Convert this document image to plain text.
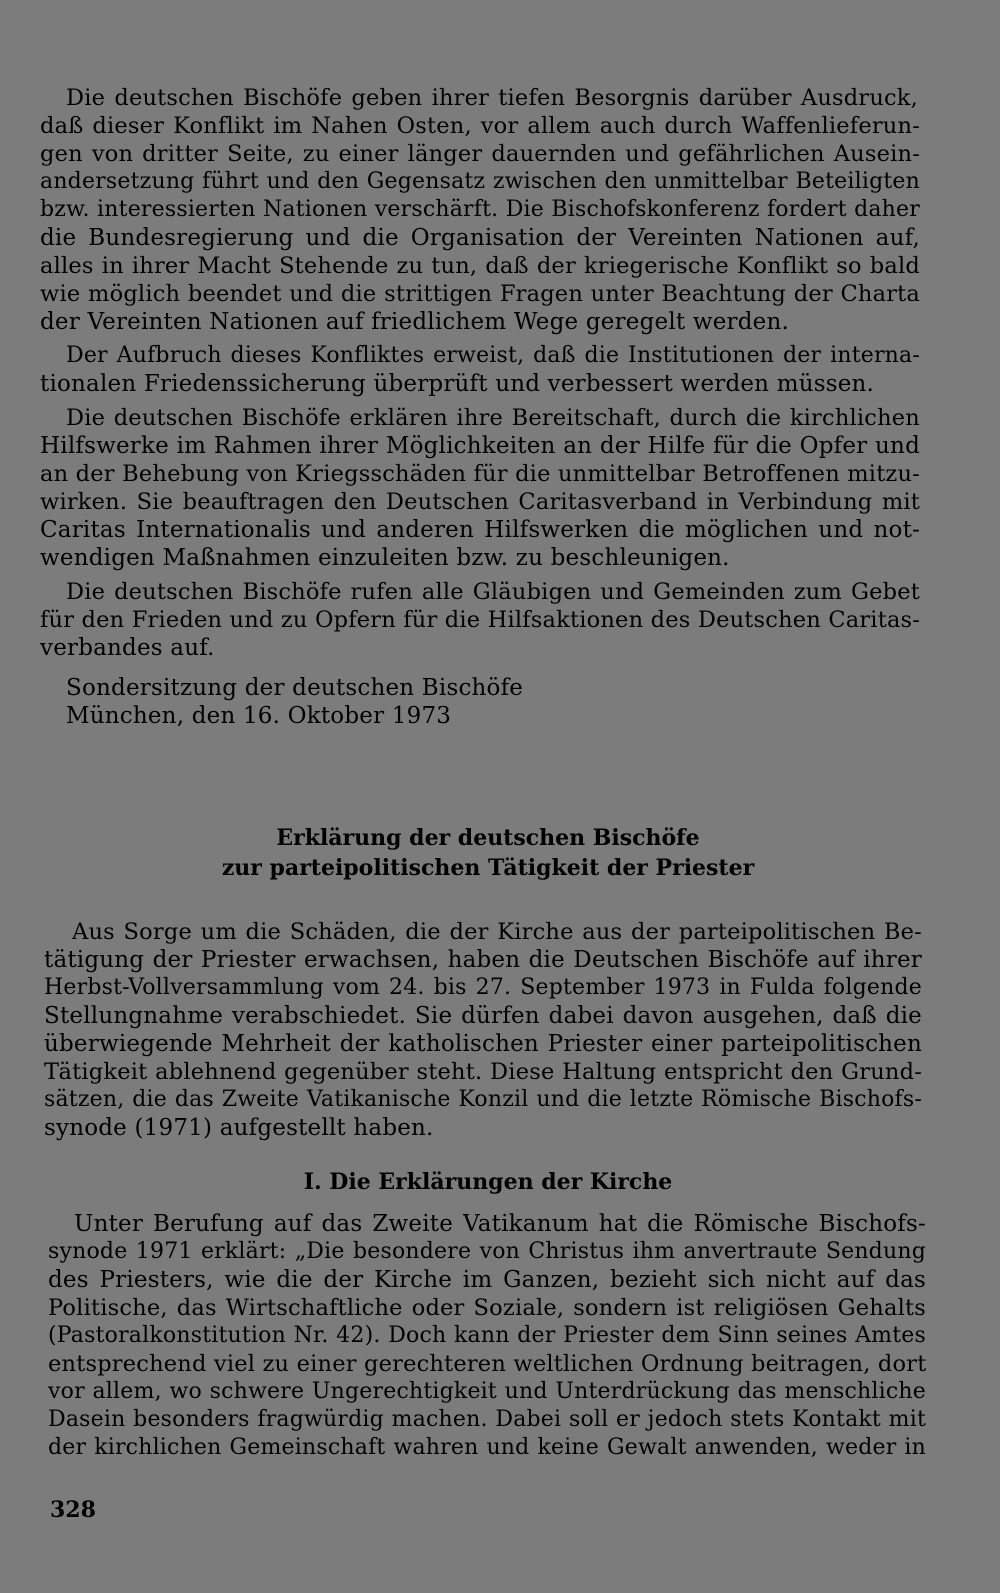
Die deutschen Bischöfe geben ihrer tiefen Besorgnis darüber Ausdruck,
daß dieser Konflikt im Nahen Osten, vor allem auch durch Waffenlieferun-
gen von dritter Seite, zu einer länger dauernden und gefährlichen Ausein-
andersetzung führt und den Gegensatz zwischen den unmittelbar Beteiligten
bzw. interessierten Nationen verschärft. Die Bischofskonferenz fordert daher
die Bundesregierung und die Organisation der Vereinten Nationen auf,
alles in ihrer Macht Stehende zu tun, daß der kriegerische Konflikt so bald
wie möglich beendet und die strittigen Fragen unter Beachtung der Charta
der Vereinten Nationen auf friedlichem Wege geregelt werden.
Der Aufbruch dieses Konfliktes erweist, daß die Institutionen der interna-
tionalen Friedenssicherung überprüft und verbessert werden müssen.
Die deutschen Bischöfe erklären ihre Bereitschaft, durch die kirchlichen
Hilfswerke im Rahmen ihrer Möglichkeiten an der Hilfe für die Opfer und
an der Behebung von Kriegsschäden für die unmittelbar Betroffenen mitzu-
wirken. Sie beauftragen den Deutschen Caritasverband in Verbindung mit
Caritas Internationalis und anderen Hilfswerken die möglichen und not-
wendigen Maßnahmen einzuleiten bzw. zu beschleunigen.
Die deutschen Bischöfe rufen alle Gläubigen und Gemeinden zum Gebet
für den Frieden und zu Opfern für die Hilfsaktionen des Deutschen Caritas-
verbandes auf.
Sondersitzung der deutschen Bischöfe
München, den 16. Oktober 1973
Erklärung der deutschen Bischöfe
zur parteipolitischen Tätigkeit der Priester
Aus Sorge um die Schäden, die der Kirche aus der parteipolitischen Be-
tätigung der Priester erwachsen, haben die Deutschen Bischöfe auf ihrer
Herbst-Vollversammlung vom 24. bis 27. September 1973 in Fulda folgende
Stellungnahme verabschiedet. Sie dürfen dabei davon ausgehen, daß die
überwiegende Mehrheit der katholischen Priester einer parteipolitischen
Tätigkeit ablehnend gegenüber steht. Diese Haltung entspricht den Grund-
sätzen, die das Zweite Vatikanische Konzil und die letzte Römische Bischofs-
synode (1971) aufgestellt haben.
I. Die Erklärungen der Kirche
Unter Berufung auf das Zweite Vatikanum hat die Römische Bischofs-
synode 1971 erklärt: „Die besondere von Christus ihm anvertraute Sendung
des Priesters, wie die der Kirche im Ganzen, bezieht sich nicht auf das
Politische, das Wirtschaftliche oder Soziale, sondern ist religiösen Gehalts
(Pastoralkonstitution Nr. 42). Doch kann der Priester dem Sinn seines Amtes
entsprechend viel zu einer gerechteren weltlichen Ordnung beitragen, dort
vor allem, wo schwere Ungerechtigkeit und Unterdrückung das menschliche
Dasein besonders fragwürdig machen. Dabei soll er jedoch stets Kontakt mit
der kirchlichen Gemeinschaft wahren und keine Gewalt anwenden, weder in
328
